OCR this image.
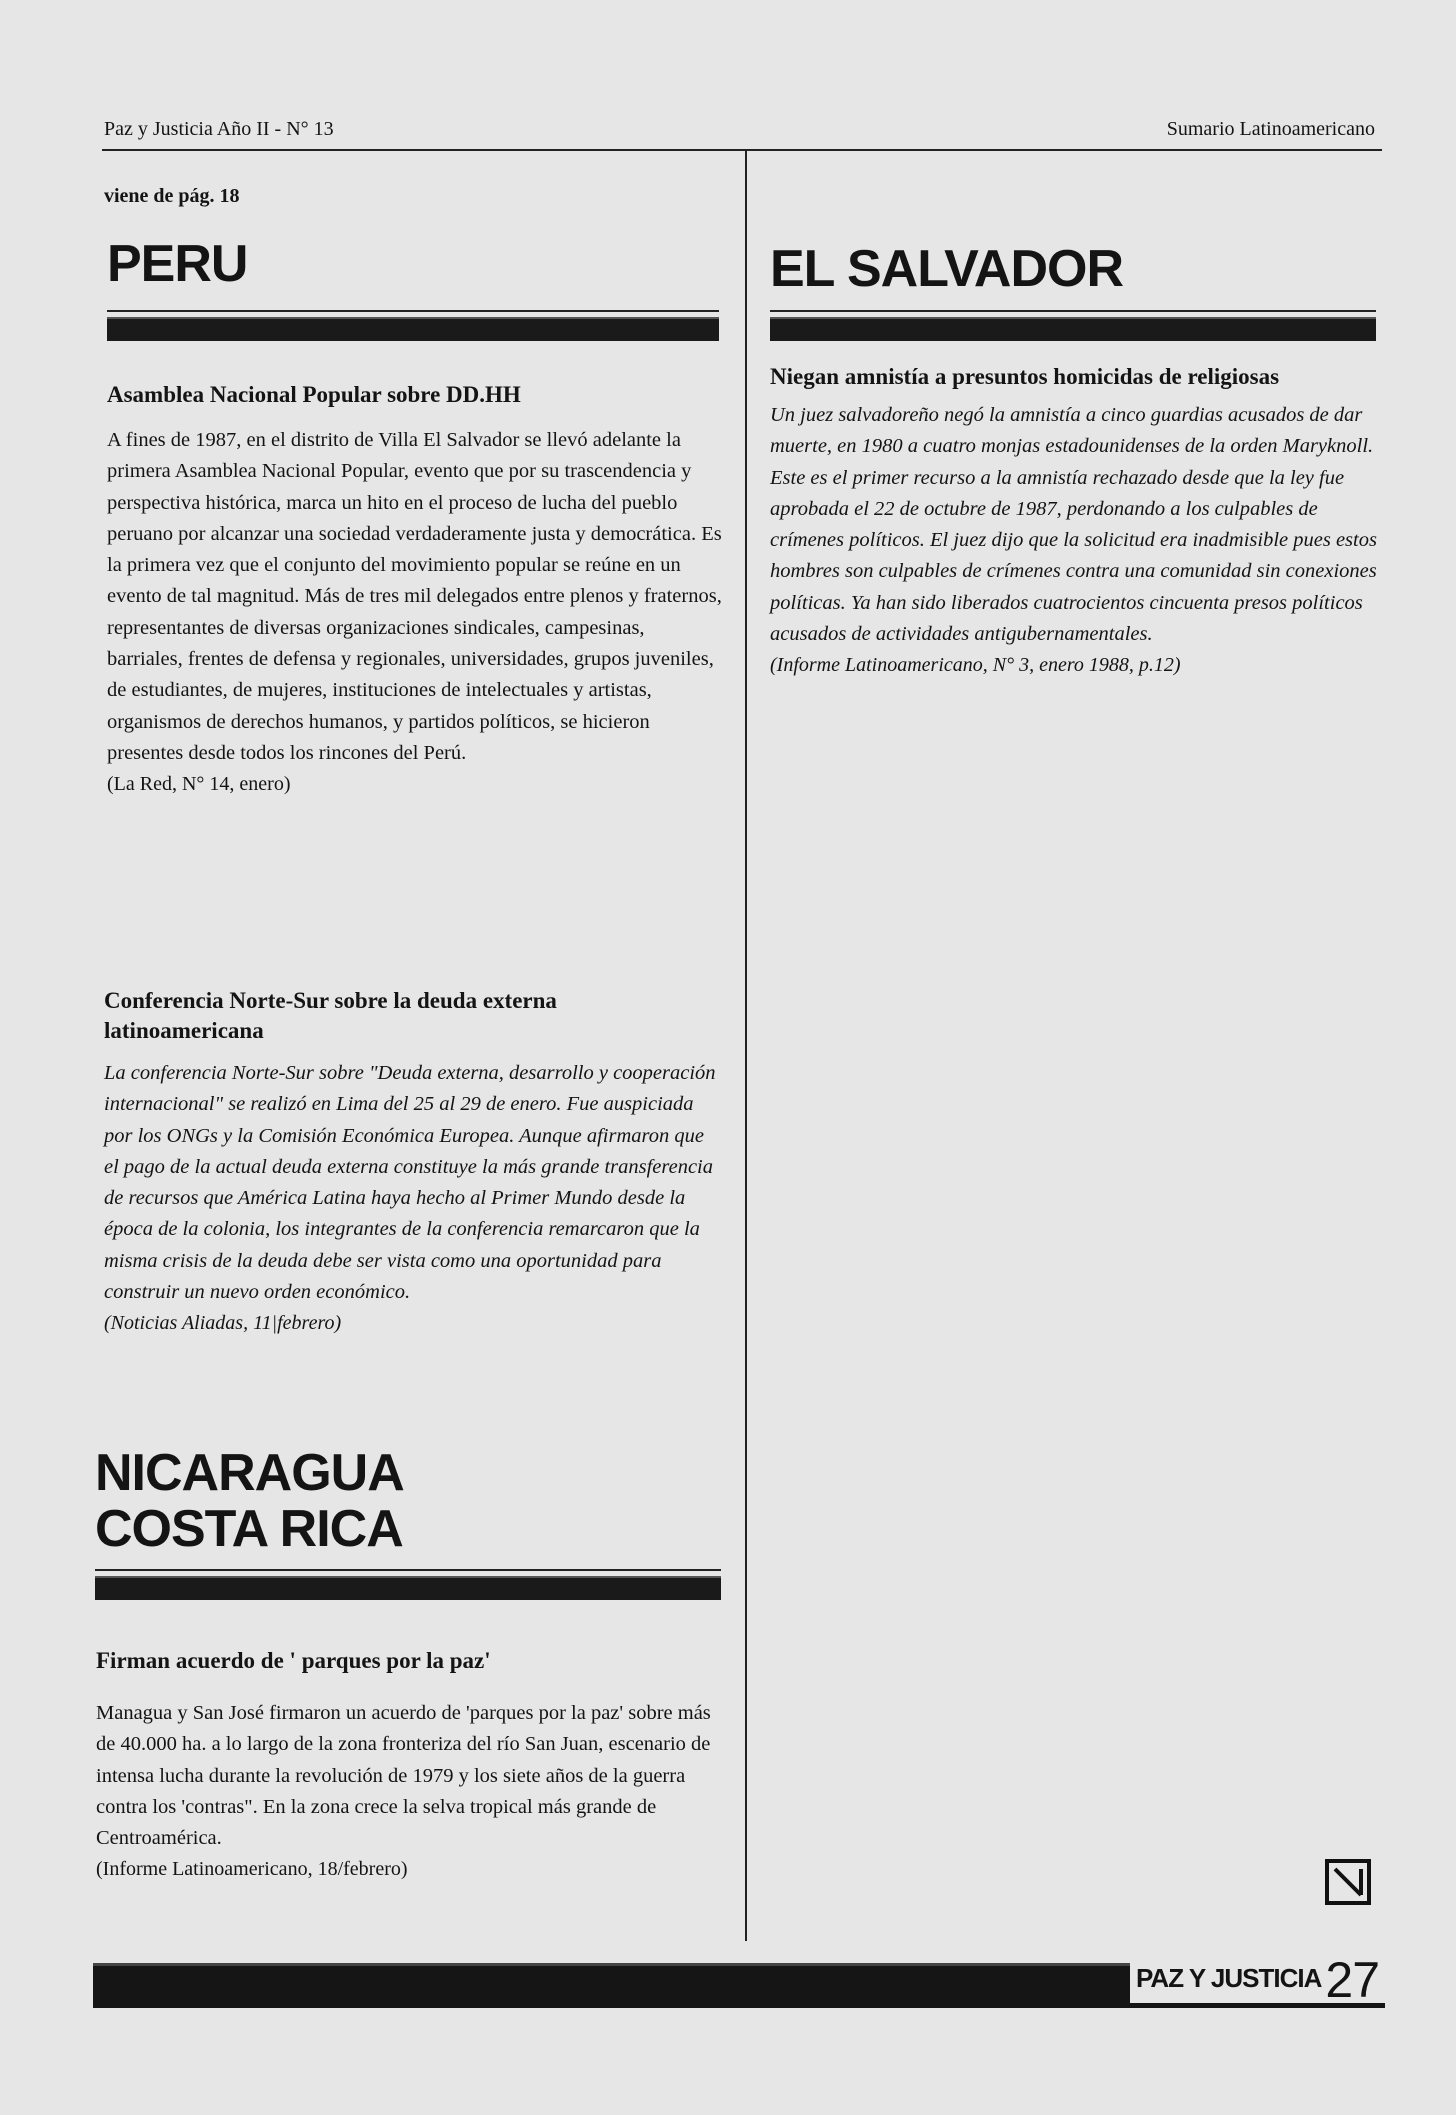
Paz y Justicia Año II - N° 13	Sumario Latinoamericano
viene de pág. 18
PERU
Asamblea Nacional Popular sobre DD.HH

A fines de 1987, en el distrito de Villa El Salvador se llevó adelante la primera Asamblea Nacional Popular, evento que por su trascendencia y perspectiva histórica, marca un hito en el proceso de lucha del pueblo peruano por alcanzar una sociedad verdaderamente justa y democrática. Es la primera vez que el conjunto del movimiento popular se reúne en un evento de tal magnitud. Más de tres mil delegados entre plenos y fraternos, representantes de diversas organizaciones sindicales, campesinas, barriales, frentes de defensa y regionales, universidades, grupos juveniles, de estudiantes, de mujeres, instituciones de intelectuales y artistas, organismos de derechos humanos, y partidos políticos, se hicieron presentes desde todos los rincones del Perú.

(La Red, N° 14, enero)

Conferencia Norte-Sur sobre la deuda externa latinoamericana

La conferencia Norte-Sur sobre "Deuda externa, desarrollo y cooperación internacional" se realizó en Lima del 25 al 29 de enero. Fue auspiciada por los ONGs y la Comisión Económica Europea. Aunque afirmaron que el pago de la actual deuda externa constituye la más grande transferencia de recursos que América Latina haya hecho al Primer Mundo desde la época de la colonia, los integrantes de la conferencia remarcaron que la misma crisis de la deuda debe ser vista como una oportunidad para construir un nuevo orden económico.

(Noticias Aliadas, 11|febrero)

NICARAGUA
COSTA RICA
Firman acuerdo de ' parques por la paz'

Managua y San José firmaron un acuerdo de 'parques por la paz' sobre más de 40.000 ha. a lo largo de la zona fronteriza del río San Juan, escenario de intensa lucha durante la revolución de 1979 y los siete años de la guerra contra los 'contras". En la zona crece la selva tropical más grande de Centroamérica.

(Informe Latinoamericano, 18/febrero)

EL SALVADOR
Niegan amnistía a presuntos homicidas de religiosas

Un juez salvadoreño negó la amnistía a cinco guardias acusados de dar muerte, en 1980 a cuatro monjas estadounidenses de la orden Maryknoll. Este es el primer recurso a la amnistía rechazado desde que la ley fue aprobada el 22 de octubre de 1987, perdonando a los culpables de crímenes políticos. El juez dijo que la solicitud era inadmisible pues estos hombres son culpables de crímenes contra una comunidad sin conexiones políticas. Ya han sido liberados cuatrocientos cincuenta presos políticos acusados de actividades antigubernamentales.

(Informe Latinoamericano, N° 3, enero 1988, p.12)

PAZ Y JUSTICIA27
